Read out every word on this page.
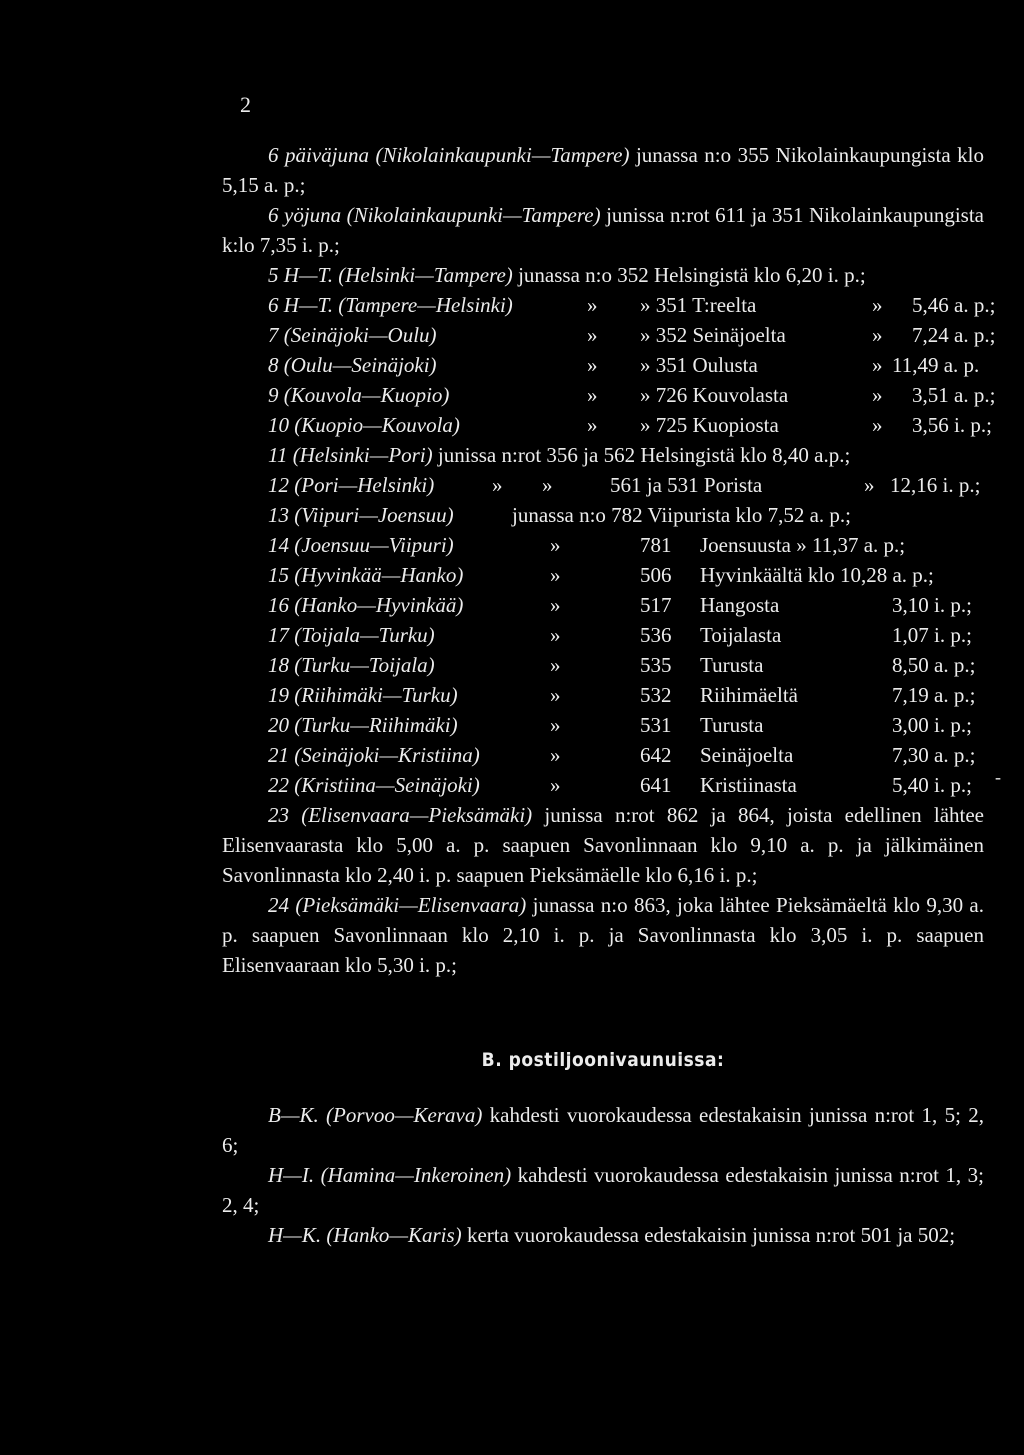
2

6 päiväjuna (Nikolainkaupunki—Tampere) junassa n:o 355 Nikolainkaupungista klo 5,15 a. p.;

6 yöjuna (Nikolainkaupunki—Tampere) junissa n:rot 611 ja 351 Nikolainkaupungista k:lo 7,35 i. p.;

5 H—T. (Helsinki—Tampere) junassa n:o 352 Helsingistä klo 6,20 i. p.;

6 H—T. (Tampere—Helsinki)	» » 351 T:reelta	» 5,46 a. p.;
7 (Seinäjoki—Oulu)	» » 352 Seinäjoelta	» 7,24 a. p.;
8 (Oulu—Seinäjoki)	» » 351 Oulusta	» 11,49 a. p.
9 (Kouvola—Kuopio)	» » 726 Kouvolasta	» 3,51 a. p.;
10 (Kuopio—Kouvola)	» » 725 Kuopiosta	» 3,56 i. p.;

11 (Helsinki—Pori) junissa n:rot 356 ja 562 Helsingistä klo 8,40 a.p.;

12 (Pori—Helsinki)	» »	561 ja 531 Porista	» 12,16 i. p.;
13 (Viipuri—Joensuu)	junassa n:o 782 Viipurista klo 7,52 a. p.;
14 (Joensuu—Viipuri)	»	781 Joensuusta » 11,37 a. p.;
15 (Hyvinkää—Hanko)	»	506 Hyvinkäältä klo 10,28 a. p.;
16 (Hanko—Hyvinkää)	»	517 Hangosta	3,10 i. p.;
17 (Toijala—Turku)	»	536 Toijalasta	1,07 i. p.;
18 (Turku—Toijala)	»	535 Turusta	8,50 a. p.;
19 (Riihimäki—Turku)	»	532 Riihimäeltä	7,19 a. p.;
20 (Turku—Riihimäki)	»	531 Turusta	3,00 i. p.;
21 (Seinäjoki—Kristiina)	»	642 Seinäjoelta	7,30 a. p.;
22 (Kristiina—Seinäjoki)	»	641 Kristiinasta	5,40 i. p.;

23 (Elisenvaara—Pieksämäki) junissa n:rot 862 ja 864, joista edellinen lähtee Elisenvaarasta klo 5,00 a. p. saapuen Savonlinnaan klo 9,10 a. p. ja jälkimäinen Savonlinnasta klo 2,40 i. p. saapuen Pieksämäelle klo 6,16 i. p.;

24 (Pieksämäki—Elisenvaara) junassa n:o 863, joka lähtee Pieksämäeltä klo 9,30 a. p. saapuen Savonlinnaan klo 2,10 i. p. ja Savonlinnasta klo 3,05 i. p. saapuen Elisenvaaraan klo 5,30 i. p.;

B. postiljoonivaunuissa:

B—K. (Porvoo—Kerava) kahdesti vuorokaudessa edestakaisin junissa n:rot 1, 5; 2, 6;

H—I. (Hamina—Inkeroinen) kahdesti vuorokaudessa edestakaisin junissa n:rot 1, 3; 2, 4;

H—K. (Hanko—Karis) kerta vuorokaudessa edestakaisin junissa n:rot 501 ja 502;

-
